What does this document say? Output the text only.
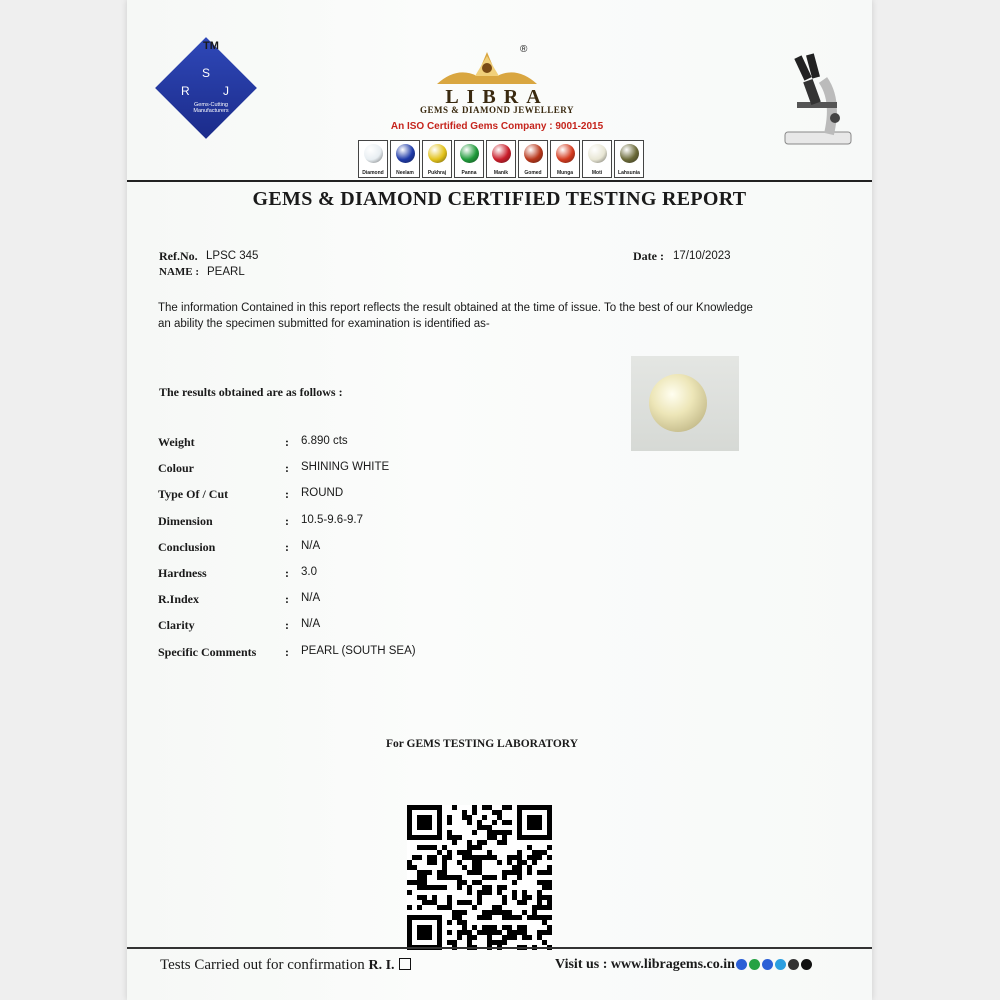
TM
S
R	J
Gems-Cutting
Manufacturers
®
LIBRA
GEMS & DIAMOND JEWELLERY
An ISO Certified Gems Company : 9001-2015
Diamond	Neelam	Pukhraj	Panna	Manik	Gomed	Munga	Moti	Lahsunia
GEMS & DIAMOND CERTIFIED TESTING REPORT
Ref.No. LPSC 345
NAME : PEARL
Date : 17/10/2023
The information Contained in this report reflects the result obtained at the time of issue. To the best of our Knowledge an ability the specimen submitted for examination is identified as-
The results obtained are as follows :
Weight	: 6.890 cts
Colour	: SHINING WHITE
Type Of / Cut	: ROUND
Dimension	: 10.5-9.6-9.7
Conclusion	: N/A
Hardness	: 3.0
R.Index	: N/A
Clarity	: N/A
Specific Comments : PEARL (SOUTH SEA)
For GEMS TESTING LABORATORY
Tests Carried out for confirmation R. I.	Visit us : www.libragems.co.in
